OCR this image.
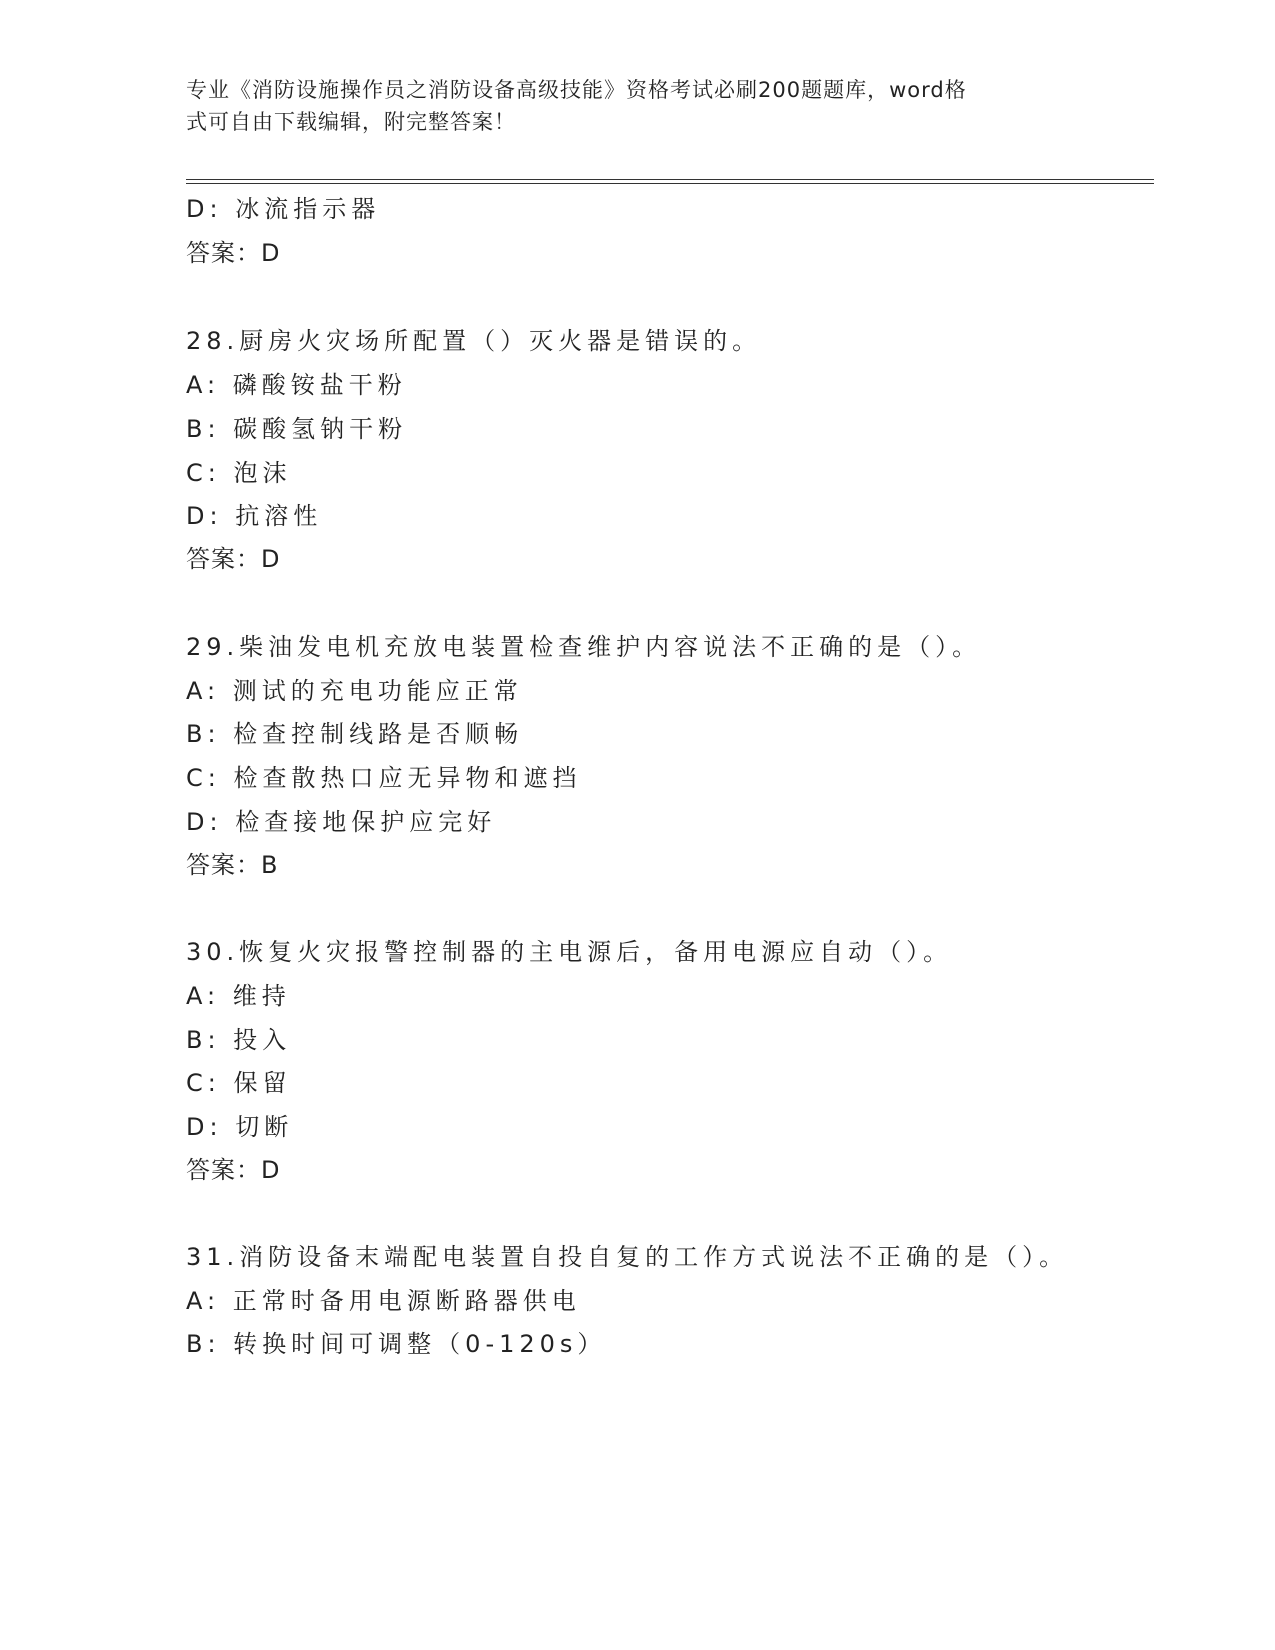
专业《消防设施操作员之消防设备高级技能》资格考试必刷200题题库，word格
式可自由下载编辑，附完整答案！
D: 冰流指示器
答案：D
28.厨房火灾场所配置（）灭火器是错误的。
A: 磷酸铵盐干粉
B: 碳酸氢钠干粉
C: 泡沫
D: 抗溶性
答案：D
29.柴油发电机充放电装置检查维护内容说法不正确的是（）。
A: 测试的充电功能应正常
B: 检查控制线路是否顺畅
C: 检查散热口应无异物和遮挡
D: 检查接地保护应完好
答案：B
30.恢复火灾报警控制器的主电源后，备用电源应自动（）。
A: 维持
B: 投入
C: 保留
D: 切断
答案：D
31.消防设备末端配电装置自投自复的工作方式说法不正确的是（）。
A: 正常时备用电源断路器供电
B: 转换时间可调整（0-120s）
